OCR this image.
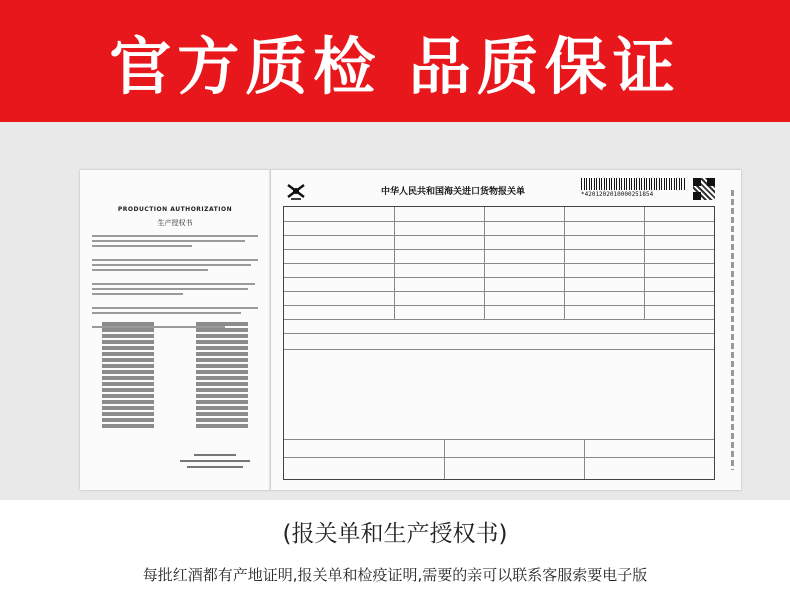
官方质检 品质保证
PRODUCTION AUTHORIZATION
生产授权书
中华人民共和国海关进口货物报关单	*4201202010000251854
(报关单和生产授权书)
每批红酒都有产地证明,报关单和检疫证明,需要的亲可以联系客服索要电子版
